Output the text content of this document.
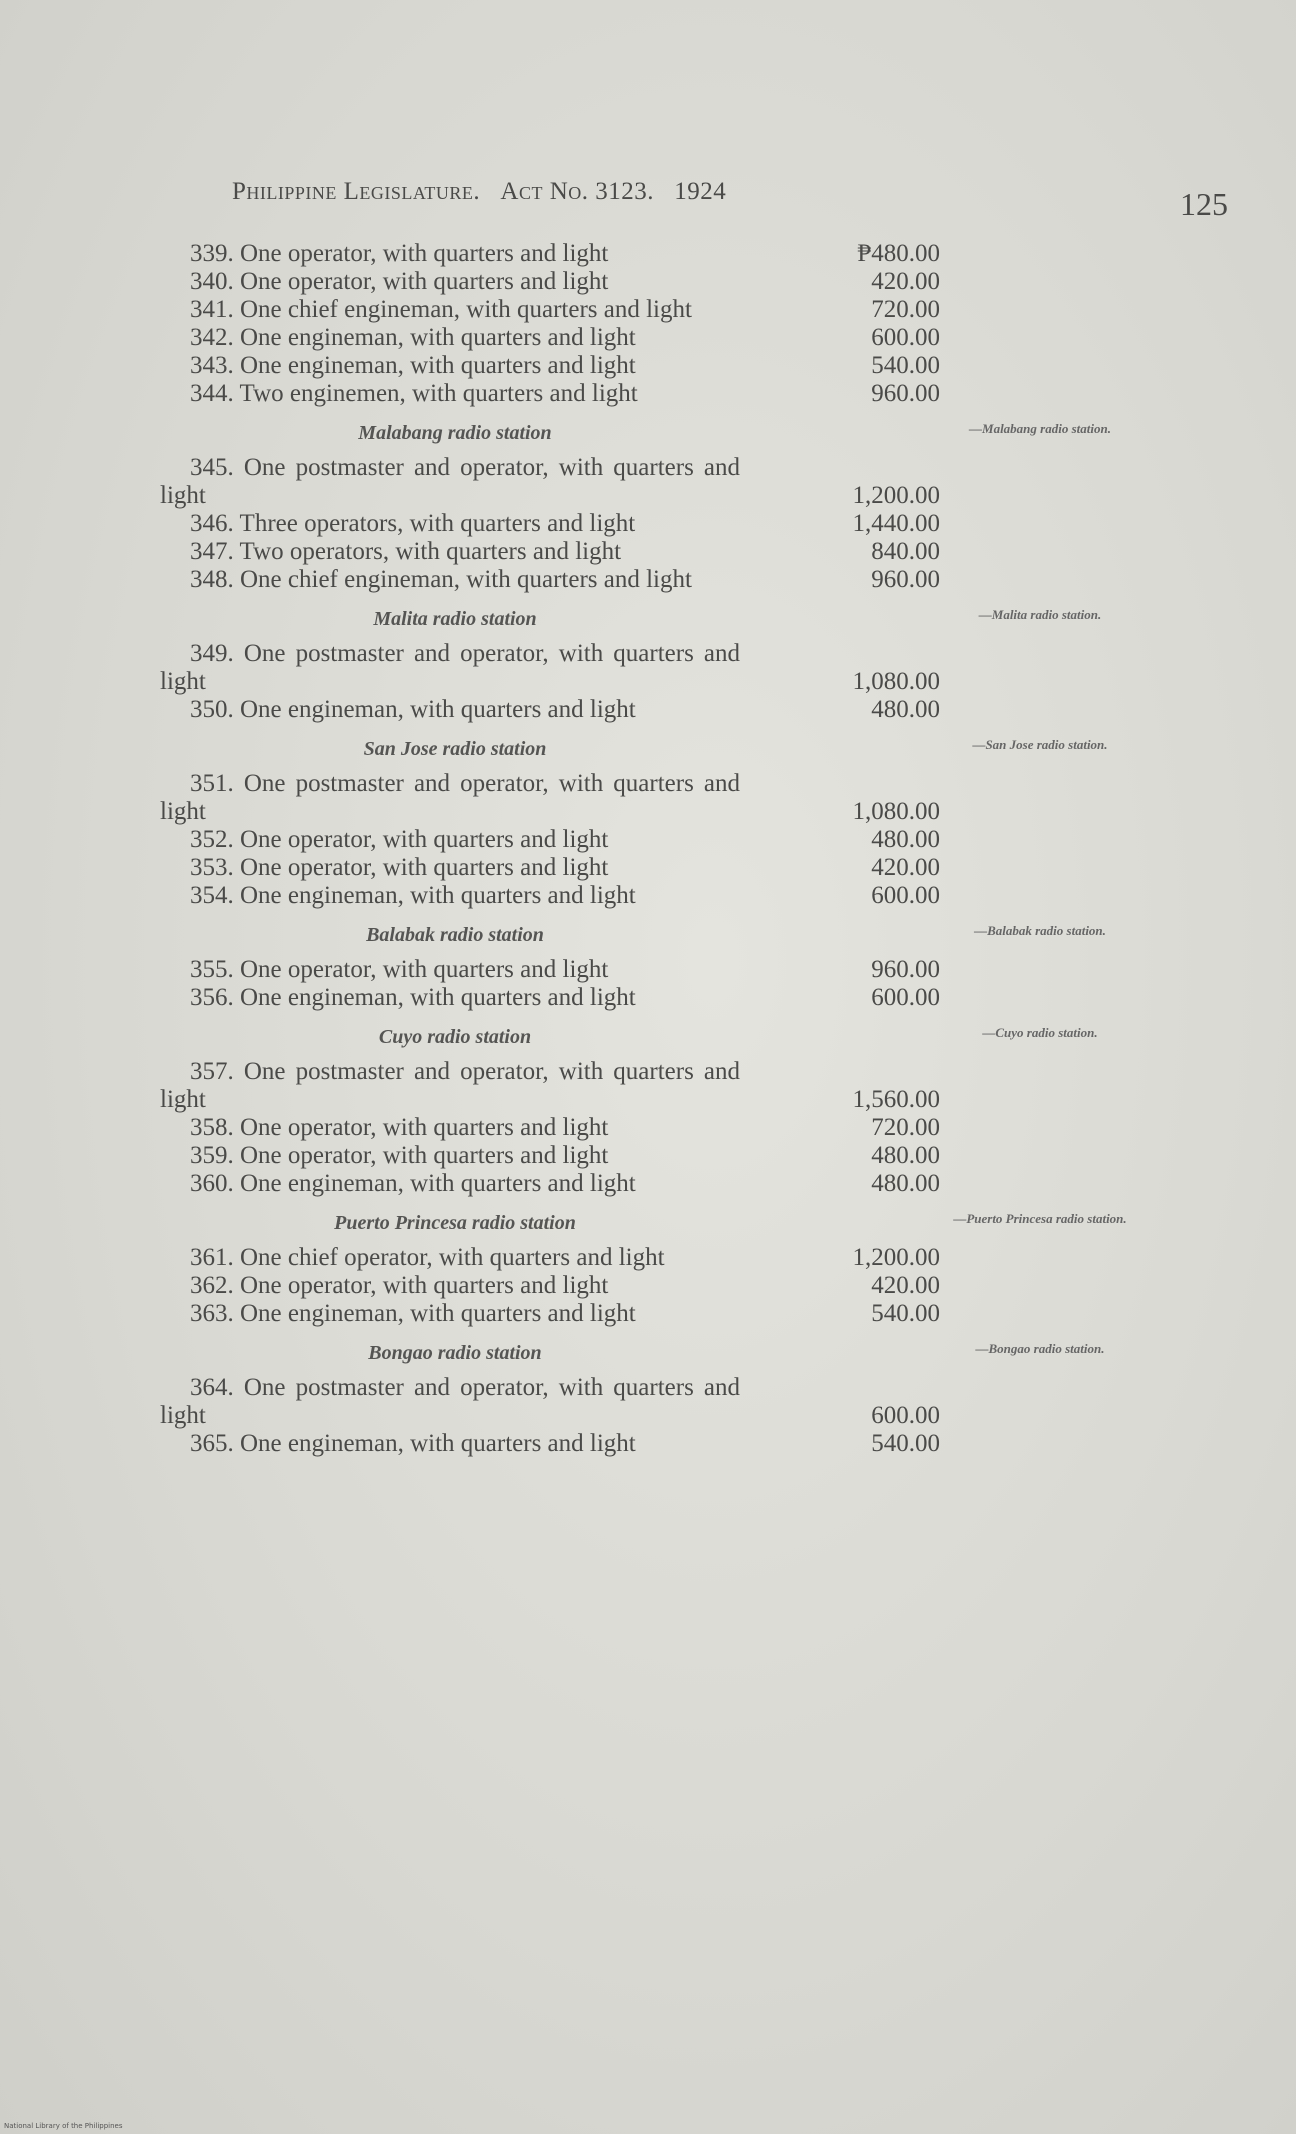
Philippine Legislature. Act No. 3123. 1924	125
339. One operator, with quarters and light	₱480.00
340. One operator, with quarters and light	420.00
341. One chief engineman, with quarters and light	720.00
342. One engineman, with quarters and light	600.00
343. One engineman, with quarters and light	540.00
344. Two enginemen, with quarters and light	960.00
Malabang radio station	—Malabang radio station.
345. One postmaster and operator, with quarters and light	1,200.00
346. Three operators, with quarters and light	1,440.00
347. Two operators, with quarters and light	840.00
348. One chief engineman, with quarters and light	960.00
Malita radio station	—Malita radio station.
349. One postmaster and operator, with quarters and light	1,080.00
350. One engineman, with quarters and light	480.00
San Jose radio station	—San Jose radio station.
351. One postmaster and operator, with quarters and light	1,080.00
352. One operator, with quarters and light	480.00
353. One operator, with quarters and light	420.00
354. One engineman, with quarters and light	600.00
Balabak radio station	—Balabak radio station.
355. One operator, with quarters and light	960.00
356. One engineman, with quarters and light	600.00
Cuyo radio station	—Cuyo radio station.
357. One postmaster and operator, with quarters and light	1,560.00
358. One operator, with quarters and light	720.00
359. One operator, with quarters and light	480.00
360. One engineman, with quarters and light	480.00
Puerto Princesa radio station	—Puerto Princesa radio station.
361. One chief operator, with quarters and light	1,200.00
362. One operator, with quarters and light	420.00
363. One engineman, with quarters and light	540.00
Bongao radio station	—Bongao radio station.
364. One postmaster and operator, with quarters and light	600.00
365. One engineman, with quarters and light	540.00
National Library of the Philippines
